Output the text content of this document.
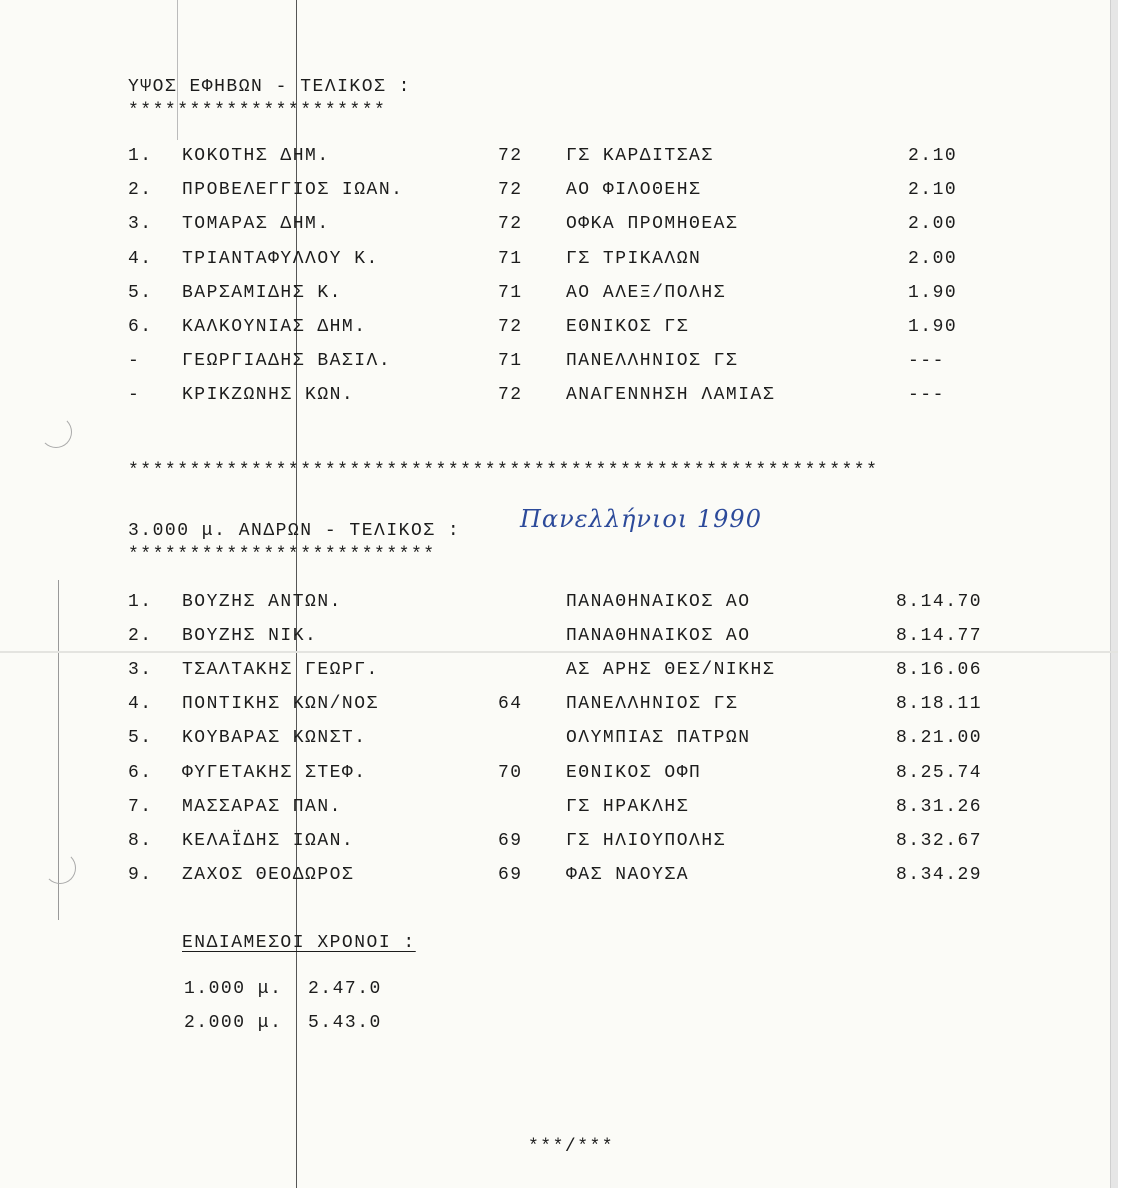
ΥΨΟΣ ΕΦΗΒΩΝ - ΤΕΛΙΚΟΣ :
*********************
1. ΚΟΚΟΤΗΣ ΔΗΜ.	72 ΓΣ ΚΑΡΔΙΤΣΑΣ	2.10
2. ΠΡΟΒΕΛΕΓΓΙΟΣ ΙΩΑΝ.	72 ΑΟ ΦΙΛΟΘΕΗΣ	2.10
3. ΤΟΜΑΡΑΣ ΔΗΜ.	72 ΟΦΚΑ ΠΡΟΜΗΘΕΑΣ	2.00
4. ΤΡΙΑΝΤΑΦΥΛΛΟΥ Κ.	71 ΓΣ ΤΡΙΚΑΛΩΝ	2.00
5. ΒΑΡΣΑΜΙΔΗΣ Κ.	71 ΑΟ ΑΛΕΞ/ΠΟΛΗΣ	1.90
6. ΚΑΛΚΟΥΝΙΑΣ ΔΗΜ.	72 ΕΘΝΙΚΟΣ ΓΣ	1.90
- ΓΕΩΡΓΙΑΔΗΣ ΒΑΣΙΛ.	71 ΠΑΝΕΛΛΗΝΙΟΣ ΓΣ	---
- ΚΡΙΚΖΩΝΗΣ ΚΩΝ.	72 ΑΝΑΓΕΝΝΗΣΗ ΛΑΜΙΑΣ	---
*************************************************************
3.000 μ. ΑΝΔΡΩΝ - ΤΕΛΙΚΟΣ : Πανελλήνιοι 1990
*************************
1. ΒΟΥΖΗΣ ΑΝΤΩΝ.	ΠΑΝΑΘΗΝΑΙΚΟΣ ΑΟ	8.14.70
2. ΒΟΥΖΗΣ ΝΙΚ.	ΠΑΝΑΘΗΝΑΙΚΟΣ ΑΟ	8.14.77
3. ΤΣΑΛΤΑΚΗΣ ΓΕΩΡΓ.	ΑΣ ΑΡΗΣ ΘΕΣ/ΝΙΚΗΣ	8.16.06
4. ΠΟΝΤΙΚΗΣ ΚΩΝ/ΝΟΣ	64 ΠΑΝΕΛΛΗΝΙΟΣ ΓΣ	8.18.11
5. ΚΟΥΒΑΡΑΣ ΚΩΝΣΤ.	ΟΛΥΜΠΙΑΣ ΠΑΤΡΩΝ	8.21.00
6. ΦΥΓΕΤΑΚΗΣ ΣΤΕΦ.	70 ΕΘΝΙΚΟΣ ΟΦΠ	8.25.74
7. ΜΑΣΣΑΡΑΣ ΠΑΝ.	ΓΣ ΗΡΑΚΛΗΣ	8.31.26
8. ΚΕΛΑΪΔΗΣ ΙΩΑΝ.	69 ΓΣ ΗΛΙΟΥΠΟΛΗΣ	8.32.67
9. ΖΑΧΟΣ ΘΕΟΔΩΡΟΣ	69 ΦΑΣ ΝΑΟΥΣΑ	8.34.29
ΕΝΔΙΑΜΕΣΟΙ ΧΡΟΝΟΙ :
1.000 μ. 2.47.0
2.000 μ. 5.43.0
***/***
